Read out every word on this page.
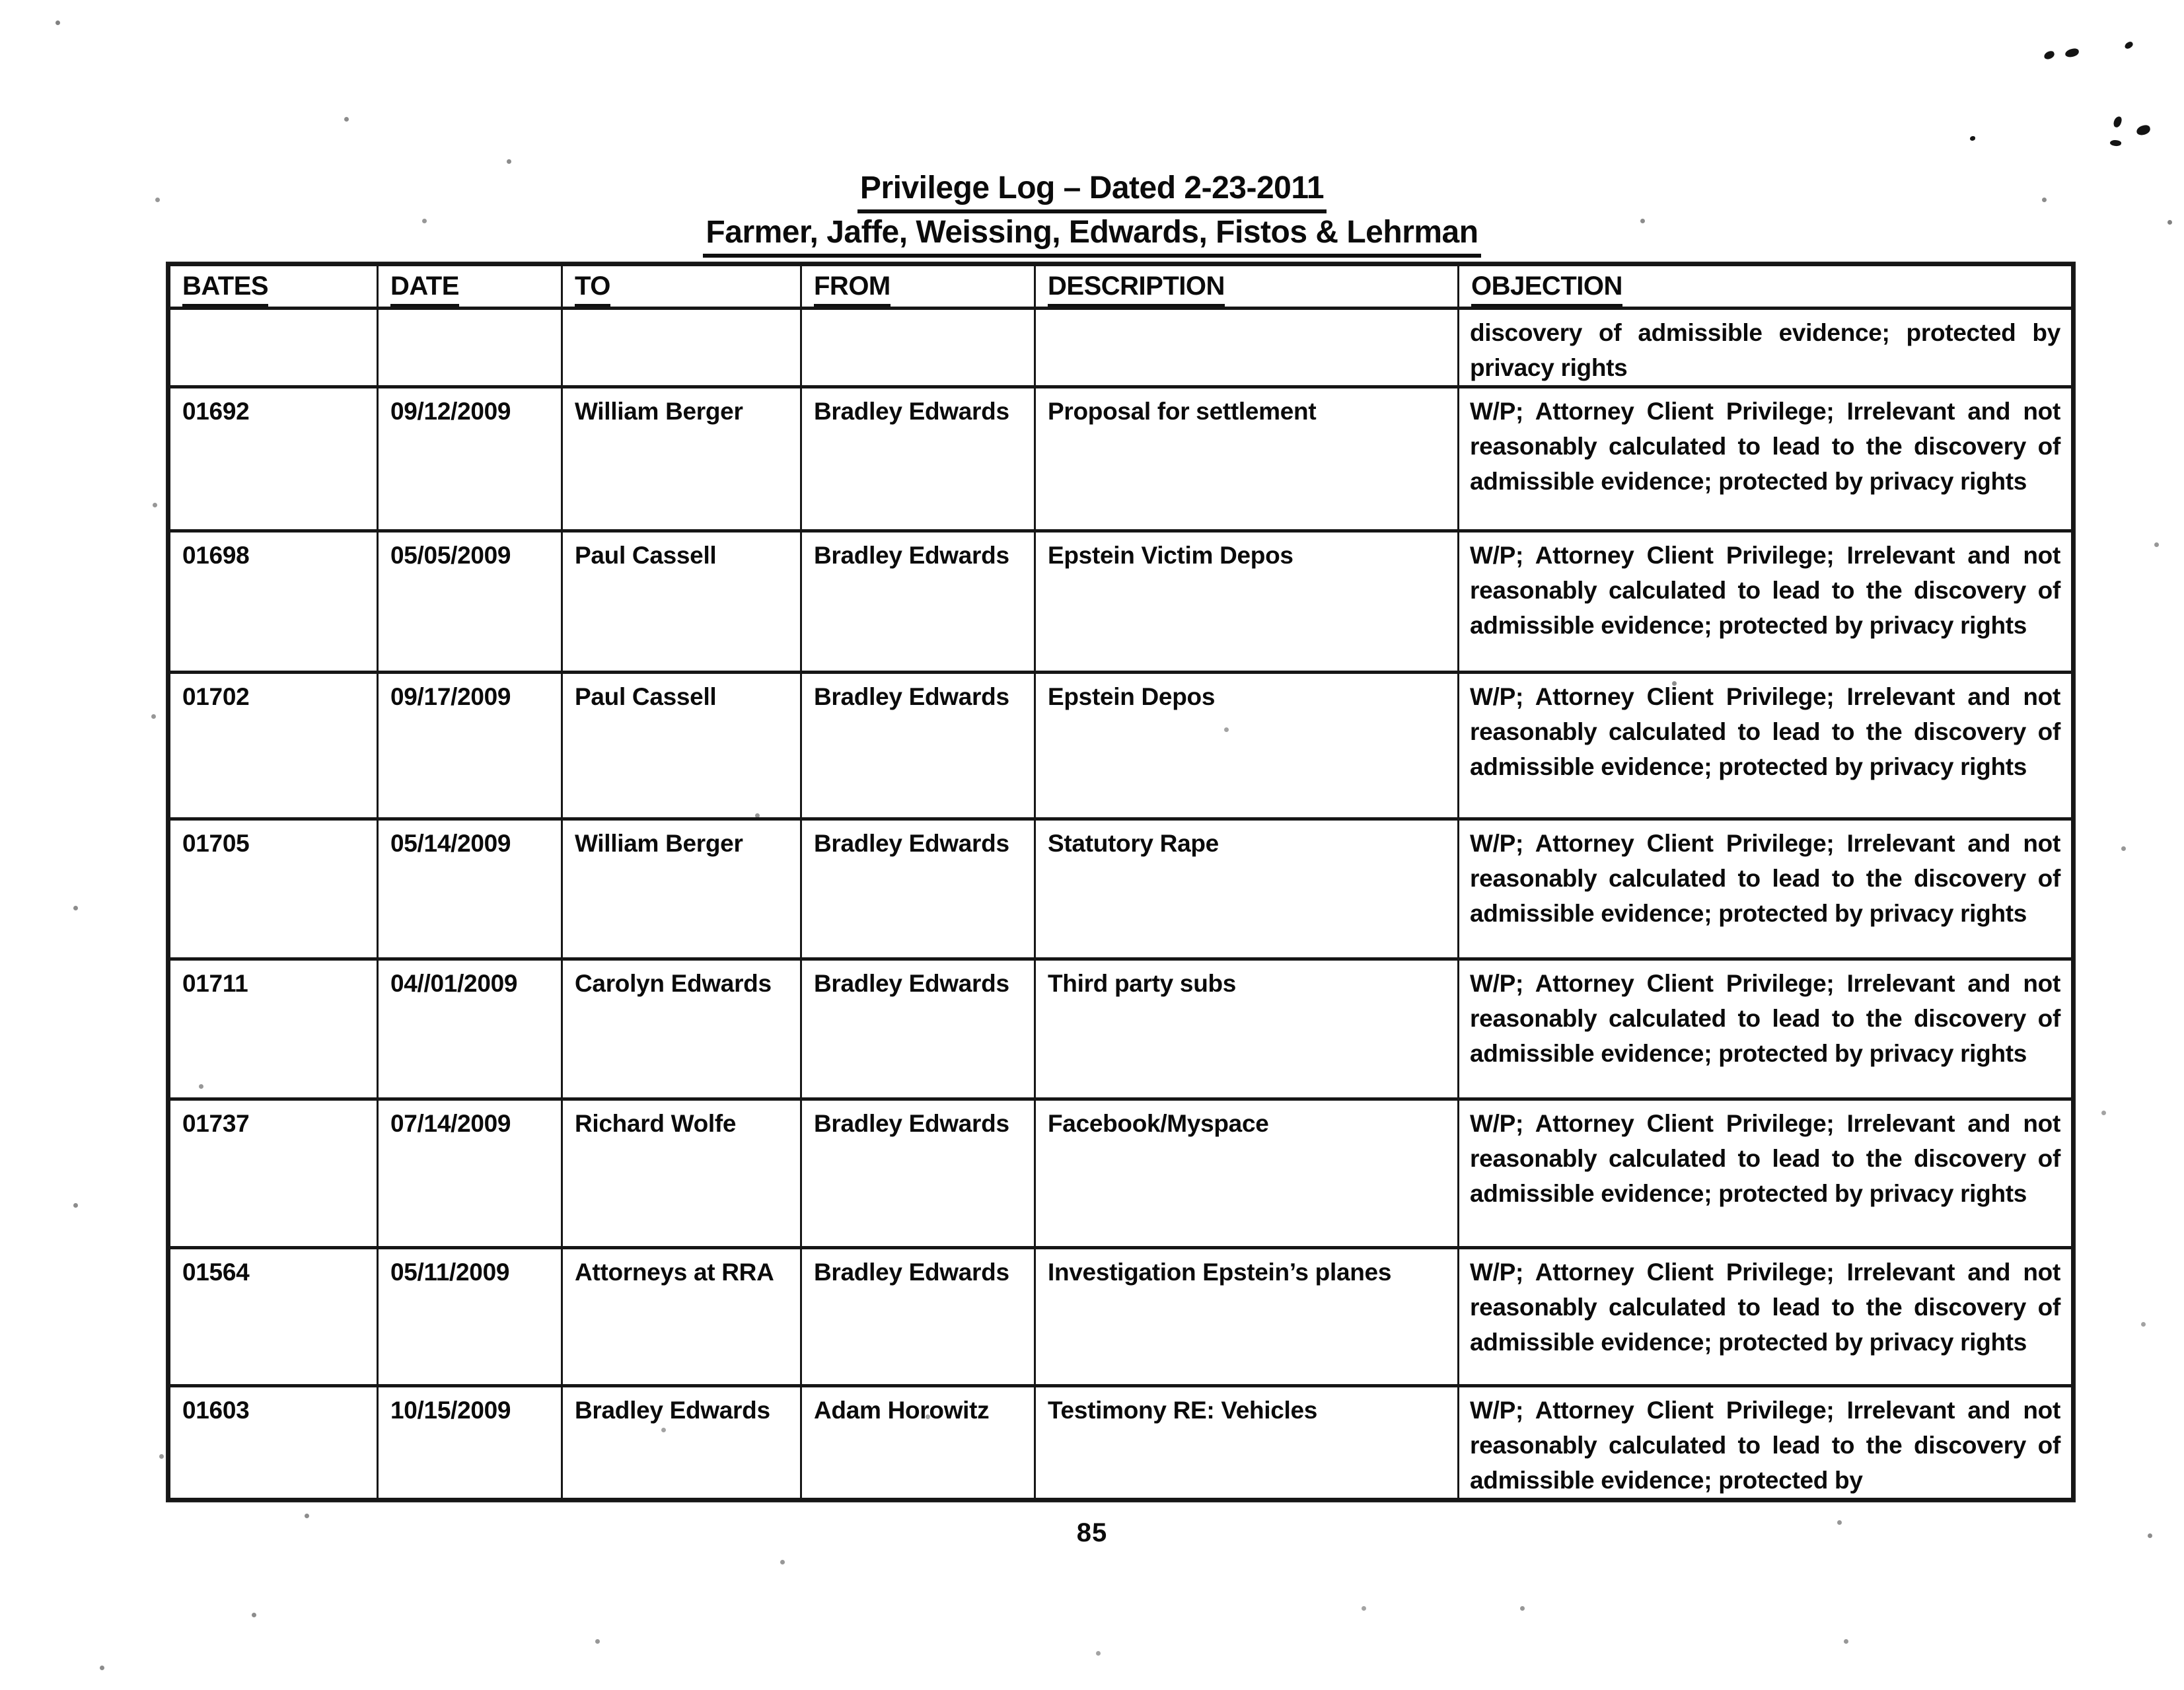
Privilege Log – Dated 2-23-2011
Farmer, Jaffe, Weissing, Edwards, Fistos & Lehrman
BATES	DATE	TO	FROM	DESCRIPTION	OBJECTION
					discovery of admissible evidence; protected by privacy rights
01692	09/12/2009	William Berger	Bradley Edwards	Proposal for settlement	W/P; Attorney Client Privilege; Irrelevant and not reasonably calculated to lead to the discovery of admissible evidence; protected by privacy rights
01698	05/05/2009	Paul Cassell	Bradley Edwards	Epstein Victim Depos	W/P; Attorney Client Privilege; Irrelevant and not reasonably calculated to lead to the discovery of admissible evidence; protected by privacy rights
01702	09/17/2009	Paul Cassell	Bradley Edwards	Epstein Depos	W/P; Attorney Client Privilege; Irrelevant and not reasonably calculated to lead to the discovery of admissible evidence; protected by privacy rights
01705	05/14/2009	William Berger	Bradley Edwards	Statutory Rape	W/P; Attorney Client Privilege; Irrelevant and not reasonably calculated to lead to the discovery of admissible evidence; protected by privacy rights
01711	04//01/2009	Carolyn Edwards	Bradley Edwards	Third party subs	W/P; Attorney Client Privilege; Irrelevant and not reasonably calculated to lead to the discovery of admissible evidence; protected by privacy rights
01737	07/14/2009	Richard Wolfe	Bradley Edwards	Facebook/Myspace	W/P; Attorney Client Privilege; Irrelevant and not reasonably calculated to lead to the discovery of admissible evidence; protected by privacy rights
01564	05/11/2009	Attorneys at RRA	Bradley Edwards	Investigation Epstein’s planes	W/P; Attorney Client Privilege; Irrelevant and not reasonably calculated to lead to the discovery of admissible evidence; protected by privacy rights
01603	10/15/2009	Bradley Edwards	Adam Horowitz	Testimony RE: Vehicles	W/P; Attorney Client Privilege; Irrelevant and not reasonably calculated to lead to the discovery of admissible evidence; protected by
85
